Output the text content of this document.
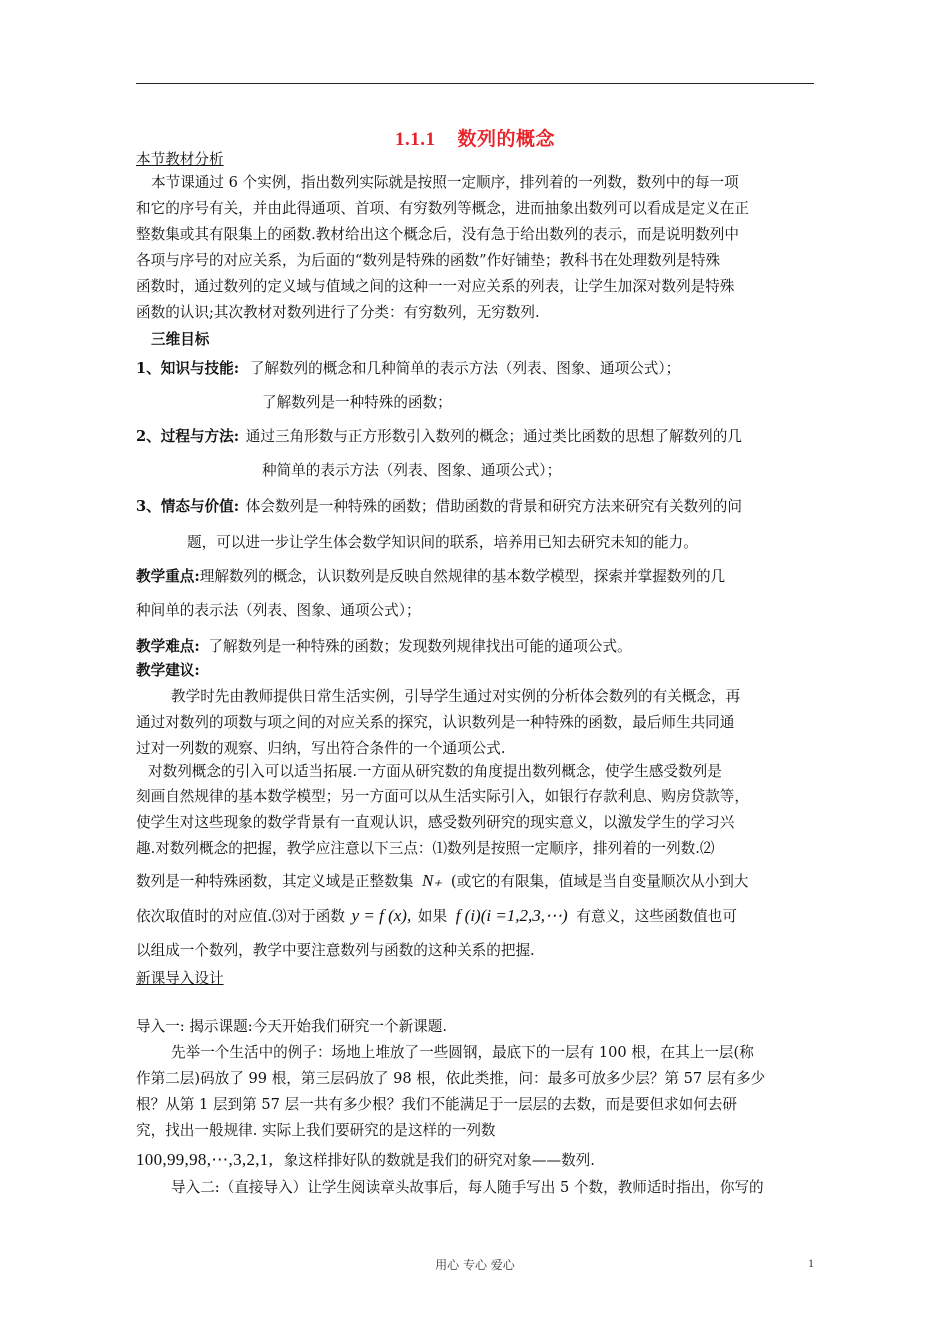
1.1.1 数列的概念
本节教材分析
本节课通过 6 个实例，指出数列实际就是按照一定顺序，排列着的一列数，数列中的每一项
和它的序号有关，并由此得通项、首项、有穷数列等概念，进而抽象出数列可以看成是定义在正
整数集或其有限集上的函数.教材给出这个概念后，没有急于给出数列的表示，而是说明数列中
各项与序号的对应关系，为后面的“数列是特殊的函数”作好铺垫；教科书在处理数列是特殊
函数时，通过数列的定义域与值域之间的这种一一对应关系的列表，让学生加深对数列是特殊
函数的认识;其次教材对数列进行了分类：有穷数列，无穷数列.
三维目标
1、知识与技能: 了解数列的概念和几种简单的表示方法（列表、图象、通项公式）；
了解数列是一种特殊的函数；
2、过程与方法: 通过三角形数与正方形数引入数列的概念；通过类比函数的思想了解数列的几
种简单的表示方法（列表、图象、通项公式）；
3、情态与价值: 体会数列是一种特殊的函数；借助函数的背景和研究方法来研究有关数列的问
题，可以进一步让学生体会数学知识间的联系，培养用已知去研究未知的能力。
教学重点:理解数列的概念，认识数列是反映自然规律的基本数学模型，探索并掌握数列的几
种间单的表示法（列表、图象、通项公式）；
教学难点: 了解数列是一种特殊的函数；发现数列规律找出可能的通项公式。
教学建议:
教学时先由教师提供日常生活实例，引导学生通过对实例的分析体会数列的有关概念，再
通过对数列的项数与项之间的对应关系的探究，认识数列是一种特殊的函数，最后师生共同通
过对一列数的观察、归纳，写出符合条件的一个通项公式.
对数列概念的引入可以适当拓展.一方面从研究数的角度提出数列概念，使学生感受数列是
刻画自然规律的基本数学模型；另一方面可以从生活实际引入，如银行存款利息、购房贷款等，
使学生对这些现象的数学背景有一直观认识，感受数列研究的现实意义，以激发学生的学习兴
趣.对数列概念的把握，教学应注意以下三点：⑴数列是按照一定顺序，排列着的一列数.⑵
数列是一种特殊函数，其定义域是正整数集 N₊ (或它的有限集，值域是当自变量顺次从小到大
依次取值时的对应值.⑶对于函数 y = f (x), 如果 f (i)(i =1,2,3,⋯) 有意义，这些函数值也可
以组成一个数列，教学中要注意数列与函数的这种关系的把握.
新课导入设计
导入一: 揭示课题:今天开始我们研究一个新课题.
先举一个生活中的例子：场地上堆放了一些圆钢，最底下的一层有 100 根，在其上一层(称
作第二层)码放了 99 根，第三层码放了 98 根，依此类推，问：最多可放多少层？第 57 层有多少
根？从第 1 层到第 57 层一共有多少根？我们不能满足于一层层的去数，而是要但求如何去研
究，找出一般规律. 实际上我们要研究的是这样的一列数
100,99,98,⋯,3,2,1, 象这样排好队的数就是我们的研究对象——数列.
导入二:（直接导入）让学生阅读章头故事后，每人随手写出 5 个数，教师适时指出，你写的
用心 专心 爱心	1
